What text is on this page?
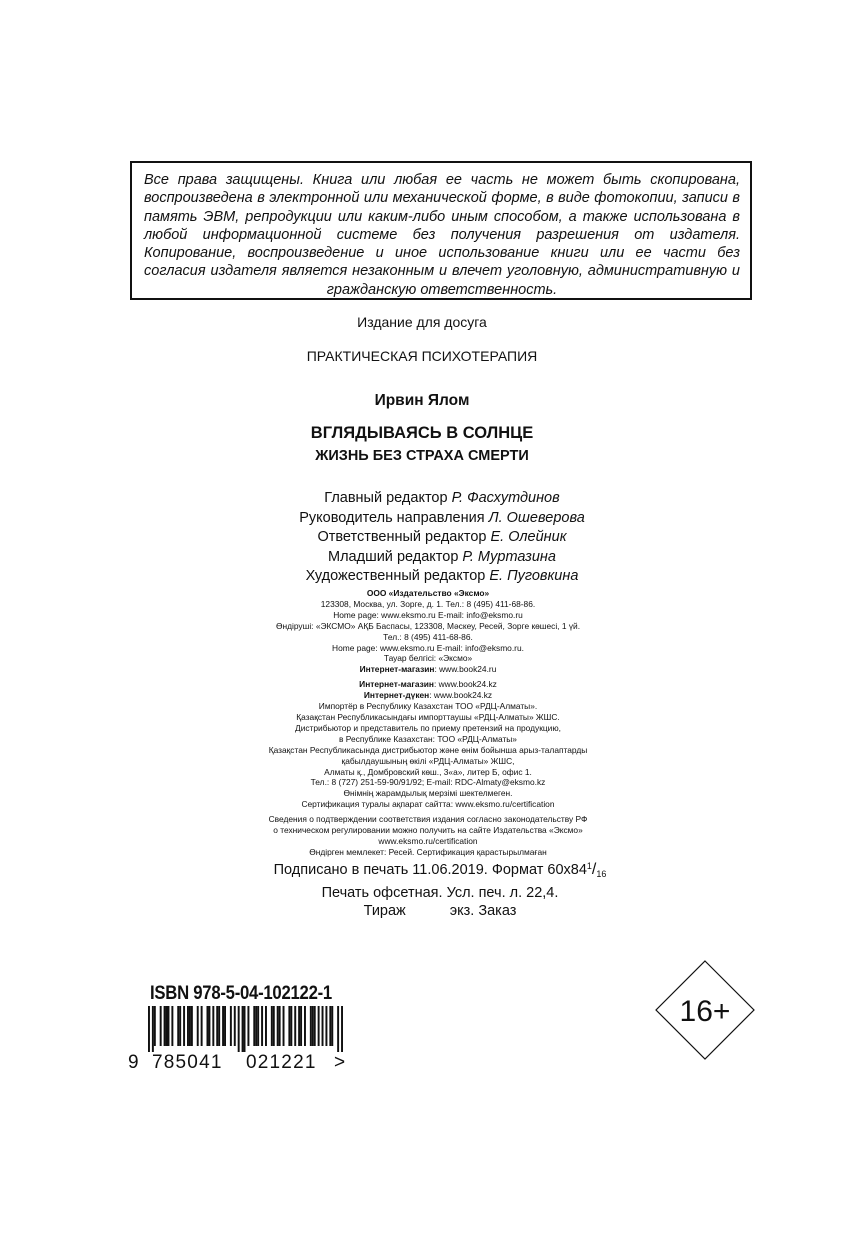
Все права защищены. Книга или любая ее часть не может быть скопирована, воспроизведена в электронной или механической форме, в виде фотокопии, записи в память ЭВМ, репродукции или каким-либо иным способом, а также использована в любой информационной системе без получения разрешения от издателя. Копирование, воспроизведение и иное использование книги или ее части без согласия издателя является незаконным и влечет уголовную, административную и гражданскую ответственность.
Издание для досуга
ПРАКТИЧЕСКАЯ ПСИХОТЕРАПИЯ
Ирвин Ялом
ВГЛЯДЫВАЯСЬ В СОЛНЦЕ
ЖИЗНЬ БЕЗ СТРАХА СМЕРТИ
Главный редактор Р. Фасхутдинов
Руководитель направления Л. Ошеверова
Ответственный редактор Е. Олейник
Младший редактор Р. Муртазина
Художественный редактор Е. Пуговкина
ООО «Издательство «Эксмо»
123308, Москва, ул. Зорге, д. 1. Тел.: 8 (495) 411-68-86.
Home page: www.eksmo.ru E-mail: info@eksmo.ru
Өндіруші: «ЭКСМО» АҚБ Баспасы, 123308, Мәскеу, Ресей, Зорге көшесі, 1 үй.
Тел.: 8 (495) 411-68-86.
Home page: www.eksmo.ru E-mail: info@eksmo.ru.
Тауар белгісі: «Эксмо»
Интернет-магазин: www.book24.ru
Интернет-магазин: www.book24.kz
Интернет-дүкен: www.book24.kz
Импортёр в Республику Казахстан ТОО «РДЦ-Алматы».
Қазақстан Республикасындағы импорттаушы «РДЦ-Алматы» ЖШС.
Дистрибьютор и представитель по приему претензий на продукцию,
в Республике Казахстан: ТОО «РДЦ-Алматы»
Қазақстан Республикасында дистрибьютор және өнім бойынша арыз-талаптарды
қабылдаушының өкілі «РДЦ-Алматы» ЖШС,
Алматы қ., Домбровский көш., 3«а», литер Б, офис 1.
Тел.: 8 (727) 251-59-90/91/92; E-mail: RDC-Almaty@eksmo.kz
Өнімнің жарамдылық мерзімі шектелмеген.
Сертификация туралы ақпарат сайтта: www.eksmo.ru/certification
Сведения о подтверждении соответствия издания согласно законодательству РФ
о техническом регулировании можно получить на сайте Издательства «Эксмо»
www.eksmo.ru/certification
Өндірген мемлекет: Ресей. Сертификация қарастырылмаған
Подписано в печать 11.06.2019. Формат $60x84^1/_{16}$
Печать офсетная. Усл. печ. л. 22,4.
Тираж	экз. Заказ
ISBN 978-5-04-102122-1
9 785041 021221 >
16+
